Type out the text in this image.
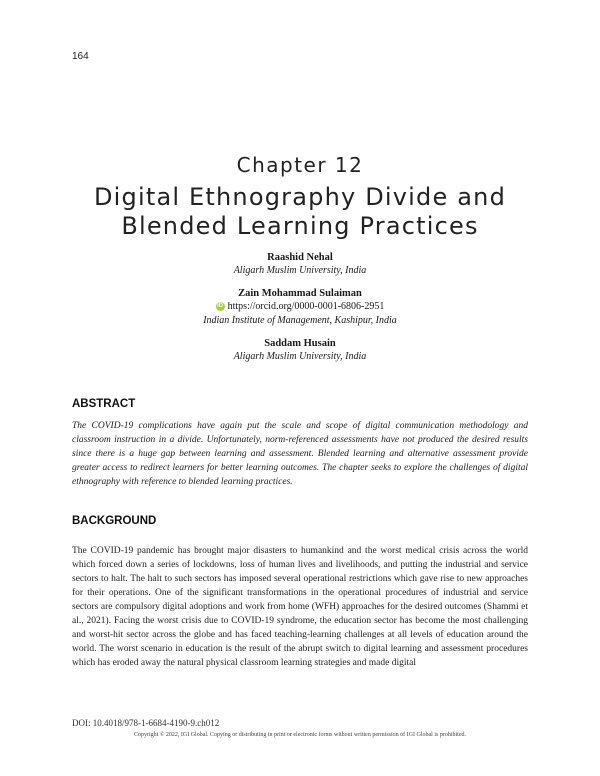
164
Chapter 12
Digital Ethnography Divide and
Blended Learning Practices
Raashid Nehal
Aligarh Muslim University, India
Zain Mohammad Sulaiman
iD https://orcid.org/0000-0001-6806-2951
Indian Institute of Management, Kashipur, India
Saddam Husain
Aligarh Muslim University, India
ABSTRACT
The COVID-19 complications have again put the scale and scope of digital communication methodology and classroom instruction in a divide. Unfortunately, norm-referenced assessments have not produced the desired results since there is a huge gap between learning and assessment. Blended learning and alternative assessment provide greater access to redirect learners for better learning outcomes. The chapter seeks to explore the challenges of digital ethnography with reference to blended learning practices.
BACKGROUND
The COVID-19 pandemic has brought major disasters to humankind and the worst medical crisis across the world which forced down a series of lockdowns, loss of human lives and livelihoods, and putting the industrial and service sectors to halt. The halt to such sectors has imposed several operational restrictions which gave rise to new approaches for their operations. One of the significant transformations in the operational procedures of industrial and service sectors are compulsory digital adoptions and work from home (WFH) approaches for the desired outcomes (Shammi et al., 2021). Facing the worst crisis due to COVID-19 syndrome, the education sector has become the most challenging and worst-hit sector across the globe and has faced teaching-learning challenges at all levels of education around the world. The worst scenario in education is the result of the abrupt switch to digital learning and assessment procedures which has eroded away the natural physical classroom learning strategies and made digital
DOI: 10.4018/978-1-6684-4190-9.ch012
Copyright © 2022, IGI Global. Copying or distributing in print or electronic forms without written permission of IGI Global is prohibited.
